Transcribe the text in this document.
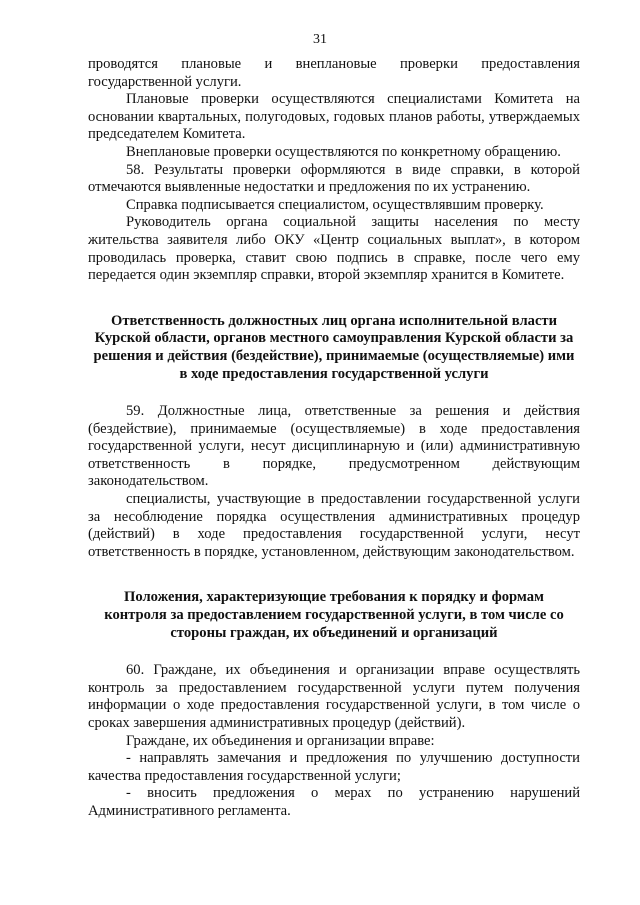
31

проводятся плановые и внеплановые проверки предоставления государственной услуги.

Плановые проверки осуществляются специалистами Комитета на основании квартальных, полугодовых, годовых планов работы, утверждаемых председателем Комитета.

Внеплановые проверки осуществляются по конкретному обращению.

58. Результаты проверки оформляются в виде справки, в которой отмечаются выявленные недостатки и предложения по их устранению.

Справка подписывается специалистом, осуществлявшим проверку.

Руководитель органа социальной защиты населения по месту жительства заявителя либо ОКУ «Центр социальных выплат», в котором проводилась проверка, ставит свою подпись в справке, после чего ему передается один экземпляр справки, второй экземпляр хранится в Комитете.

Ответственность должностных лиц органа исполнительной власти Курской области, органов местного самоуправления Курской области за решения и действия (бездействие), принимаемые (осуществляемые) ими в ходе предоставления государственной услуги

59. Должностные лица, ответственные за решения и действия (бездействие), принимаемые (осуществляемые) в ходе предоставления государственной услуги, несут дисциплинарную и (или) административную ответственность в порядке, предусмотренном действующим законодательством.

специалисты, участвующие в предоставлении государственной услуги за несоблюдение порядка осуществления административных процедур (действий) в ходе предоставления государственной услуги, несут ответственность в порядке, установленном, действующим законодательством.

Положения, характеризующие требования к порядку и формам контроля за предоставлением государственной услуги, в том числе со стороны граждан, их объединений и организаций

60. Граждане, их объединения и организации вправе осуществлять контроль за предоставлением государственной услуги путем получения информации о ходе предоставления государственной услуги, в том числе о сроках завершения административных процедур (действий).

Граждане, их объединения и организации вправе:

- направлять замечания и предложения по улучшению доступности качества предоставления государственной услуги;

- вносить предложения о мерах по устранению нарушений Административного регламента.
